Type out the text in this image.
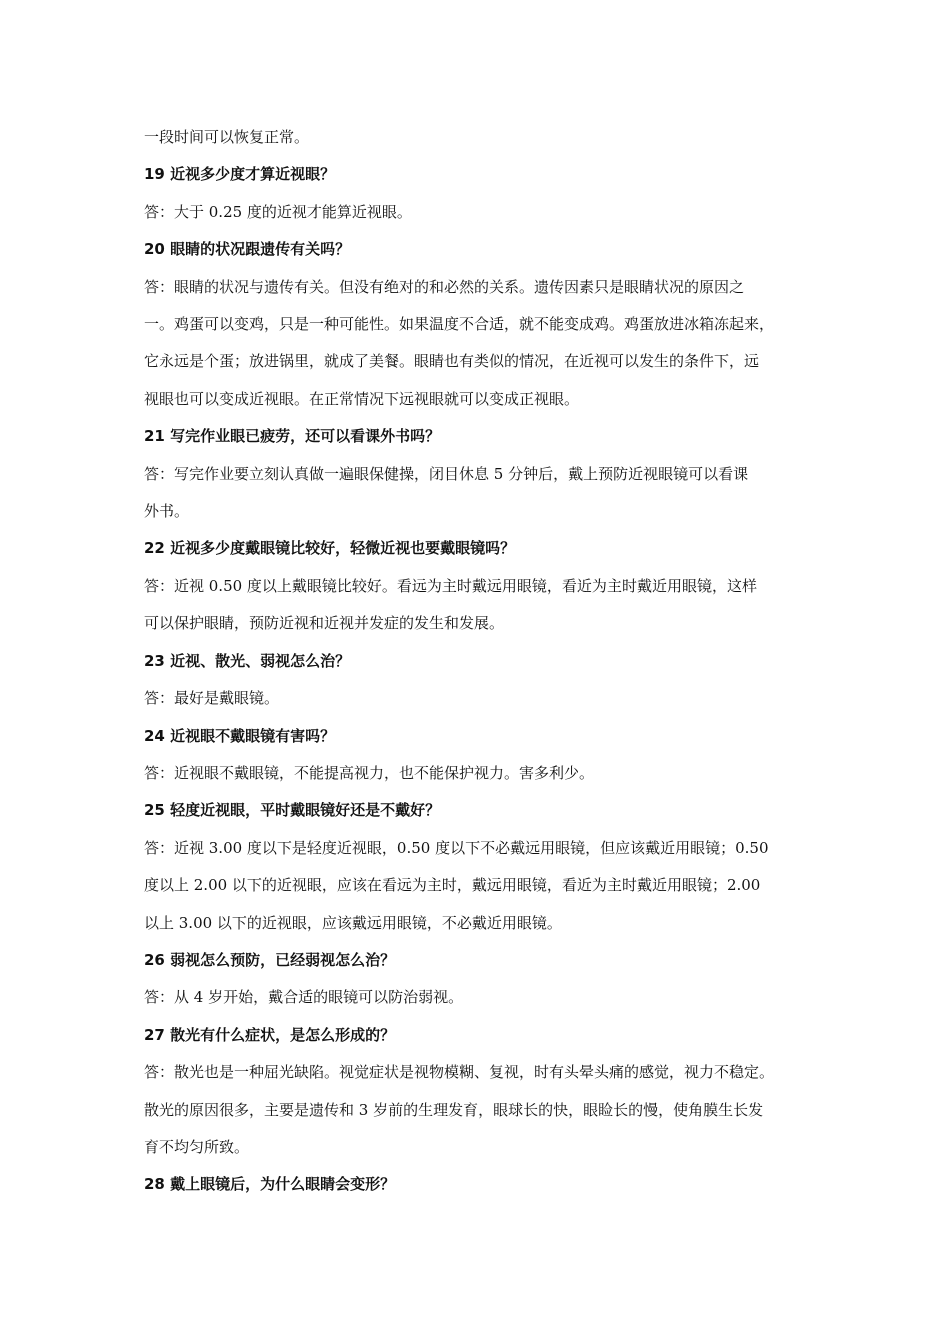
一段时间可以恢复正常。

19 近视多少度才算近视眼？

答：大于 0.25 度的近视才能算近视眼。

20 眼睛的状况跟遗传有关吗？

答：眼睛的状况与遗传有关。但没有绝对的和必然的关系。遗传因素只是眼睛状况的原因之

一。鸡蛋可以变鸡，只是一种可能性。如果温度不合适，就不能变成鸡。鸡蛋放进冰箱冻起来，

它永远是个蛋；放进锅里，就成了美餐。眼睛也有类似的情况，在近视可以发生的条件下，远

视眼也可以变成近视眼。在正常情况下远视眼就可以变成正视眼。

21 写完作业眼已疲劳，还可以看课外书吗？

答：写完作业要立刻认真做一遍眼保健操，闭目休息 5 分钟后，戴上预防近视眼镜可以看课

外书。

22 近视多少度戴眼镜比较好，轻微近视也要戴眼镜吗？

答：近视 0.50 度以上戴眼镜比较好。看远为主时戴远用眼镜，看近为主时戴近用眼镜，这样

可以保护眼睛，预防近视和近视并发症的发生和发展。

23 近视、散光、弱视怎么治？

答：最好是戴眼镜。

24 近视眼不戴眼镜有害吗？

答：近视眼不戴眼镜，不能提高视力，也不能保护视力。害多利少。

25 轻度近视眼，平时戴眼镜好还是不戴好？

答：近视 3.00 度以下是轻度近视眼，0.50 度以下不必戴远用眼镜，但应该戴近用眼镜；0.50

度以上 2.00 以下的近视眼，应该在看远为主时，戴远用眼镜，看近为主时戴近用眼镜；2.00

以上 3.00 以下的近视眼，应该戴远用眼镜，不必戴近用眼镜。

26 弱视怎么预防，已经弱视怎么治？

答：从 4 岁开始，戴合适的眼镜可以防治弱视。

27 散光有什么症状，是怎么形成的？

答：散光也是一种屈光缺陷。视觉症状是视物模糊、复视，时有头晕头痛的感觉，视力不稳定。

散光的原因很多，主要是遗传和 3 岁前的生理发育，眼球长的快，眼睑长的慢，使角膜生长发

育不均匀所致。

28 戴上眼镜后，为什么眼睛会变形？
